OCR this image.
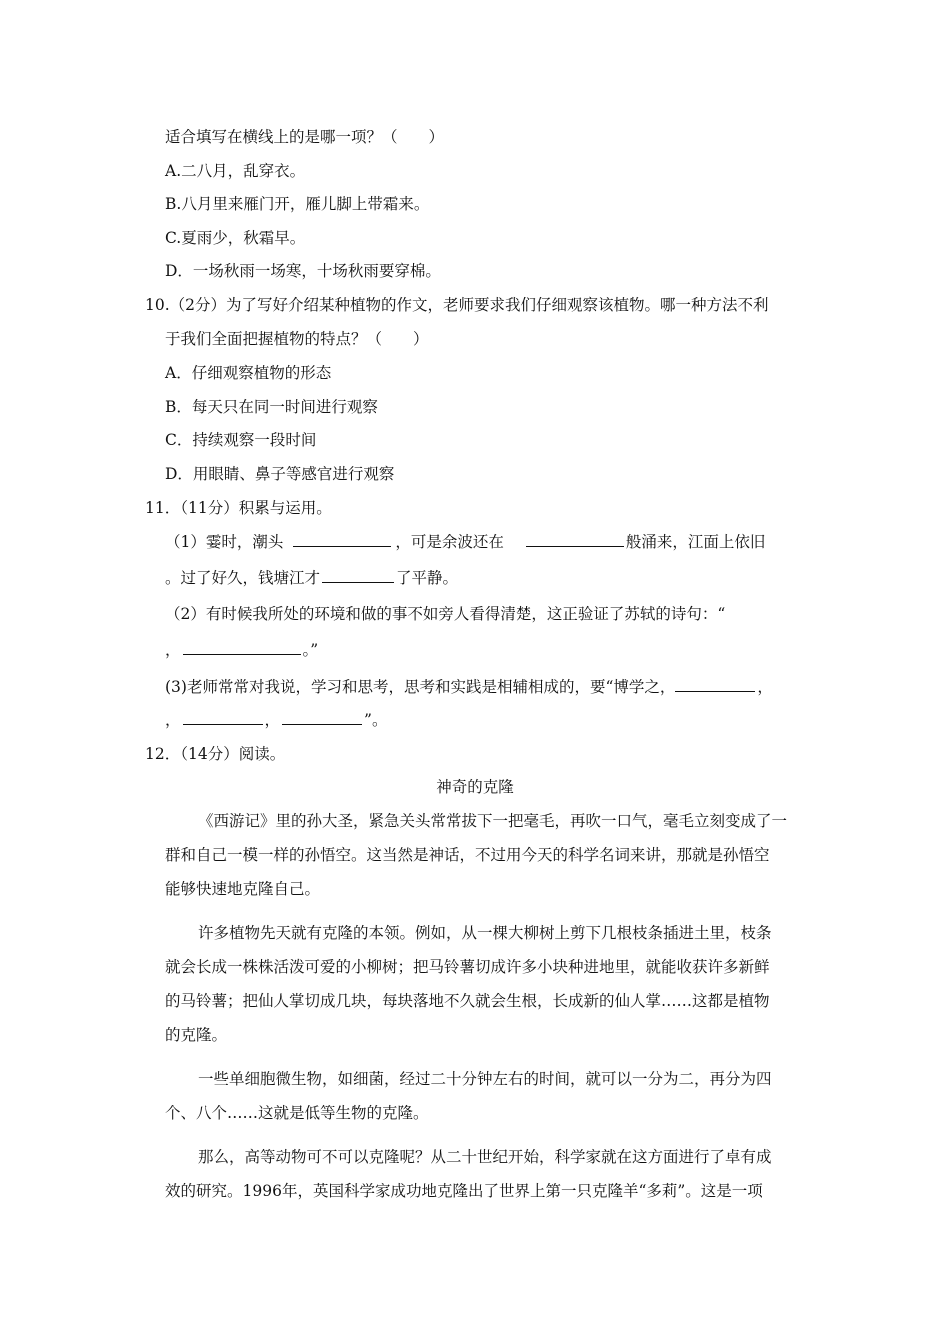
适合填写在横线上的是哪一项？（　　）
A.二八月，乱穿衣。
B.八月里来雁门开，雁儿脚上带霜来。
C.夏雨少，秋霜早。
D．一场秋雨一场寒，十场秋雨要穿棉。
10.（2分）为了写好介绍某种植物的作文，老师要求我们仔细观察该植物。哪一种方法不利
于我们全面把握植物的特点？（　　）
A．仔细观察植物的形态
B．每天只在同一时间进行观察
C．持续观察一段时间
D．用眼睛、鼻子等感官进行观察
11．（11分）积累与运用。
（1）霎时，潮头	，可是余波还在	般涌来，江面上依旧
。过了好久，钱塘江才	了平静。
（2）有时候我所处的环境和做的事不如旁人看得清楚，这正验证了苏轼的诗句：“
，	。”
(3)老师常常对我说，学习和思考，思考和实践是相辅相成的，要“博学之，	，
，	，	”。
12．（14分）阅读。
神奇的克隆
《西游记》里的孙大圣，紧急关头常常拔下一把毫毛，再吹一口气，毫毛立刻变成了一
群和自己一模一样的孙悟空。这当然是神话，不过用今天的科学名词来讲，那就是孙悟空
能够快速地克隆自己。
许多植物先天就有克隆的本领。例如，从一棵大柳树上剪下几根枝条插进土里，枝条
就会长成一株株活泼可爱的小柳树；把马铃薯切成许多小块种进地里，就能收获许多新鲜
的马铃薯；把仙人掌切成几块，每块落地不久就会生根，长成新的仙人掌……这都是植物
的克隆。
一些单细胞微生物，如细菌，经过二十分钟左右的时间，就可以一分为二，再分为四
个、八个……这就是低等生物的克隆。
那么，高等动物可不可以克隆呢？从二十世纪开始，科学家就在这方面进行了卓有成
效的研究。1996年，英国科学家成功地克隆出了世界上第一只克隆羊“多莉”。这是一项
